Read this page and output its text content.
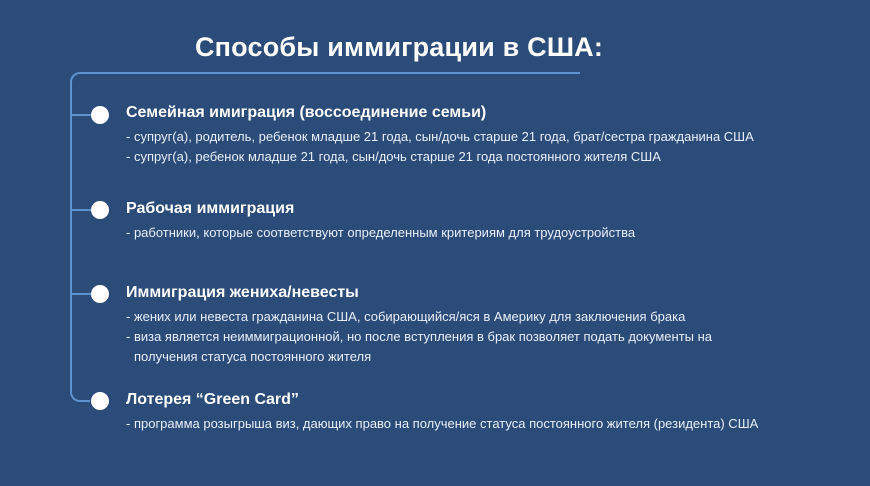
Способы иммиграции в США:
Семейная имиграция (воссоединение семьи)
- супруг(а), родитель, ребенок младше 21 года, сын/дочь старше 21 года, брат/сестра гражданина США
- супруг(а), ребенок младше 21 года, сын/дочь старше 21 года постоянного жителя США
Рабочая иммиграция
- работники, которые соответствуют определенным критериям для трудоустройства
Иммиграция жениха/невесты
- жених или невеста гражданина США, собирающийся/яся в Америку для заключения брака
- виза является неиммиграционной, но после вступления в брак позволяет подать документы на
получения статуса постоянного жителя
Лотерея “Green Card”
- программа розыгрыша виз, дающих право на получение статуса постоянного жителя (резидента) США
